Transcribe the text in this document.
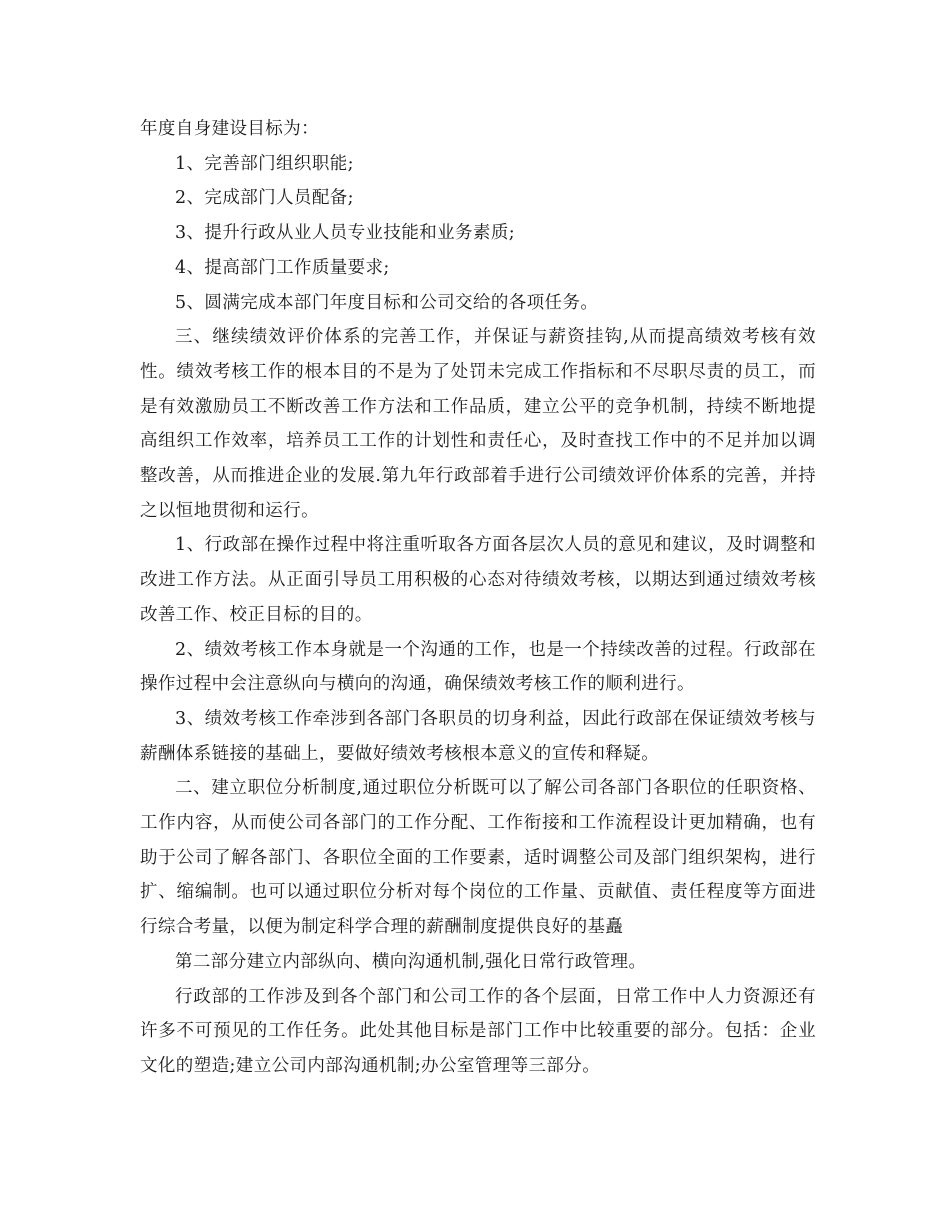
年度自身建设目标为：

1、完善部门组织职能;

2、完成部门人员配备;

3、提升行政从业人员专业技能和业务素质;

4、提高部门工作质量要求;

5、圆满完成本部门年度目标和公司交给的各项任务。

三、继续绩效评价体系的完善工作，并保证与薪资挂钩,从而提高绩效考核有效性。绩效考核工作的根本目的不是为了处罚未完成工作指标和不尽职尽责的员工，而是有效激励员工不断改善工作方法和工作品质，建立公平的竞争机制，持续不断地提高组织工作效率，培养员工工作的计划性和责任心，及时查找工作中的不足并加以调整改善，从而推进企业的发展.第九年行政部着手进行公司绩效评价体系的完善，并持之以恒地贯彻和运行。

1、行政部在操作过程中将注重听取各方面各层次人员的意见和建议，及时调整和改进工作方法。从正面引导员工用积极的心态对待绩效考核，以期达到通过绩效考核改善工作、校正目标的目的。

2、绩效考核工作本身就是一个沟通的工作，也是一个持续改善的过程。行政部在操作过程中会注意纵向与横向的沟通，确保绩效考核工作的顺利进行。

3、绩效考核工作牵涉到各部门各职员的切身利益，因此行政部在保证绩效考核与薪酬体系链接的基础上，要做好绩效考核根本意义的宣传和释疑。

二、建立职位分析制度,通过职位分析既可以了解公司各部门各职位的任职资格、工作内容，从而使公司各部门的工作分配、工作衔接和工作流程设计更加精确，也有助于公司了解各部门、各职位全面的工作要素，适时调整公司及部门组织架构，进行扩、缩编制。也可以通过职位分析对每个岗位的工作量、贡献值、责任程度等方面进行综合考量，以便为制定科学合理的薪酬制度提供良好的基矗

第二部分建立内部纵向、横向沟通机制,强化日常行政管理。

行政部的工作涉及到各个部门和公司工作的各个层面，日常工作中人力资源还有许多不可预见的工作任务。此处其他目标是部门工作中比较重要的部分。包括：企业文化的塑造;建立公司内部沟通机制;办公室管理等三部分。
